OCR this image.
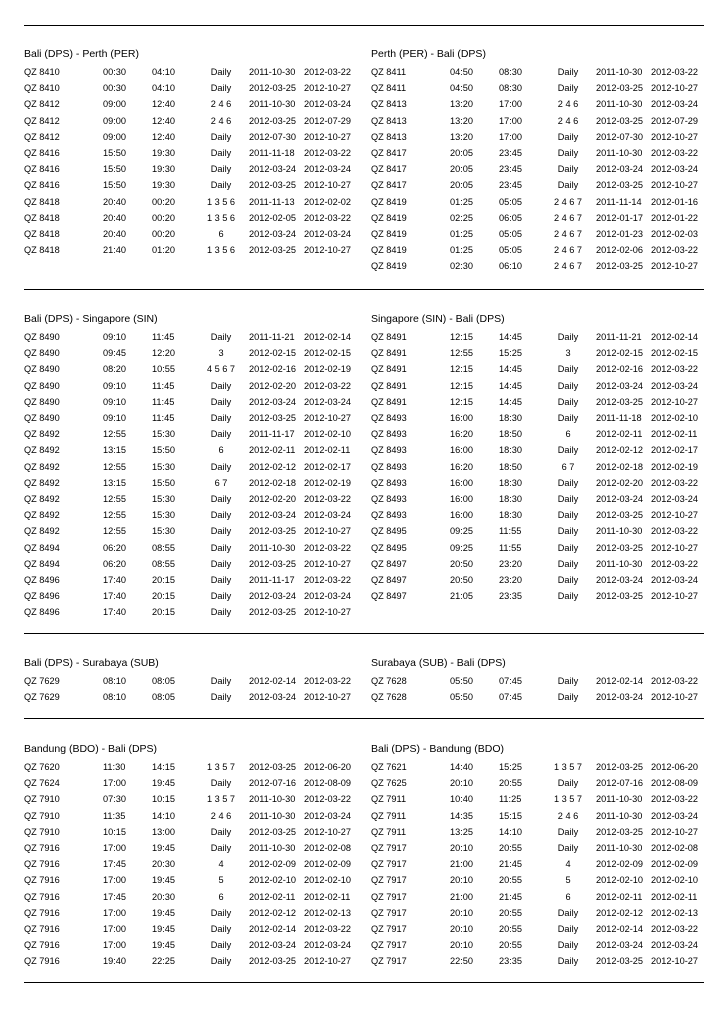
Bali (DPS) - Perth (PER)
QZ 8410	00:30	04:10	Daily	2011-10-30 2012-03-22
QZ 8410	00:30	04:10	Daily	2012-03-25 2012-10-27
QZ 8412	09:00	12:40	2 4 6	2011-10-30 2012-03-24
QZ 8412	09:00	12:40	2 4 6	2012-03-25 2012-07-29
QZ 8412	09:00	12:40	Daily	2012-07-30 2012-10-27
QZ 8416	15:50	19:30	Daily	2011-11-18 2012-03-22
QZ 8416	15:50	19:30	Daily	2012-03-24 2012-03-24
QZ 8416	15:50	19:30	Daily	2012-03-25 2012-10-27
QZ 8418	20:40	00:20	1 3 5 6	2011-11-13 2012-02-02
QZ 8418	20:40	00:20	1 3 5 6	2012-02-05 2012-03-22
QZ 8418	20:40	00:20	6	2012-03-24 2012-03-24
QZ 8418	21:40	01:20	1 3 5 6	2012-03-25 2012-10-27
Perth (PER) - Bali (DPS)
QZ 8411	04:50	08:30	Daily	2011-10-30 2012-03-22
QZ 8411	04:50	08:30	Daily	2012-03-25 2012-10-27
QZ 8413	13:20	17:00	2 4 6	2011-10-30 2012-03-24
QZ 8413	13:20	17:00	2 4 6	2012-03-25 2012-07-29
QZ 8413	13:20	17:00	Daily	2012-07-30 2012-10-27
QZ 8417	20:05	23:45	Daily	2011-10-30 2012-03-22
QZ 8417	20:05	23:45	Daily	2012-03-24 2012-03-24
QZ 8417	20:05	23:45	Daily	2012-03-25 2012-10-27
QZ 8419	01:25	05:05	2 4 6 7	2011-11-14 2012-01-16
QZ 8419	02:25	06:05	2 4 6 7	2012-01-17 2012-01-22
QZ 8419	01:25	05:05	2 4 6 7	2012-01-23 2012-02-03
QZ 8419	01:25	05:05	2 4 6 7	2012-02-06 2012-03-22
QZ 8419	02:30	06:10	2 4 6 7	2012-03-25 2012-10-27
Bali (DPS) - Singapore (SIN)
QZ 8490	09:10	11:45	Daily	2011-11-21 2012-02-14
QZ 8490	09:45	12:20	3	2012-02-15 2012-02-15
QZ 8490	08:20	10:55	4 5 6 7	2012-02-16 2012-02-19
QZ 8490	09:10	11:45	Daily	2012-02-20 2012-03-22
QZ 8490	09:10	11:45	Daily	2012-03-24 2012-03-24
QZ 8490	09:10	11:45	Daily	2012-03-25 2012-10-27
QZ 8492	12:55	15:30	Daily	2011-11-17 2012-02-10
QZ 8492	13:15	15:50	6	2012-02-11 2012-02-11
QZ 8492	12:55	15:30	Daily	2012-02-12 2012-02-17
QZ 8492	13:15	15:50	6 7	2012-02-18 2012-02-19
QZ 8492	12:55	15:30	Daily	2012-02-20 2012-03-22
QZ 8492	12:55	15:30	Daily	2012-03-24 2012-03-24
QZ 8492	12:55	15:30	Daily	2012-03-25 2012-10-27
QZ 8494	06:20	08:55	Daily	2011-10-30 2012-03-22
QZ 8494	06:20	08:55	Daily	2012-03-25 2012-10-27
QZ 8496	17:40	20:15	Daily	2011-11-17 2012-03-22
QZ 8496	17:40	20:15	Daily	2012-03-24 2012-03-24
QZ 8496	17:40	20:15	Daily	2012-03-25 2012-10-27
Singapore (SIN) - Bali (DPS)
QZ 8491	12:15	14:45	Daily	2011-11-21 2012-02-14
QZ 8491	12:55	15:25	3	2012-02-15 2012-02-15
QZ 8491	12:15	14:45	Daily	2012-02-16 2012-03-22
QZ 8491	12:15	14:45	Daily	2012-03-24 2012-03-24
QZ 8491	12:15	14:45	Daily	2012-03-25 2012-10-27
QZ 8493	16:00	18:30	Daily	2011-11-18 2012-02-10
QZ 8493	16:20	18:50	6	2012-02-11 2012-02-11
QZ 8493	16:00	18:30	Daily	2012-02-12 2012-02-17
QZ 8493	16:20	18:50	6 7	2012-02-18 2012-02-19
QZ 8493	16:00	18:30	Daily	2012-02-20 2012-03-22
QZ 8493	16:00	18:30	Daily	2012-03-24 2012-03-24
QZ 8493	16:00	18:30	Daily	2012-03-25 2012-10-27
QZ 8495	09:25	11:55	Daily	2011-10-30 2012-03-22
QZ 8495	09:25	11:55	Daily	2012-03-25 2012-10-27
QZ 8497	20:50	23:20	Daily	2011-10-30 2012-03-22
QZ 8497	20:50	23:20	Daily	2012-03-24 2012-03-24
QZ 8497	21:05	23:35	Daily	2012-03-25 2012-10-27
Bali (DPS) - Surabaya (SUB)
QZ 7629	08:10	08:05	Daily	2012-02-14 2012-03-22
QZ 7629	08:10	08:05	Daily	2012-03-24 2012-10-27
Surabaya (SUB) - Bali (DPS)
QZ 7628	05:50	07:45	Daily	2012-02-14 2012-03-22
QZ 7628	05:50	07:45	Daily	2012-03-24 2012-10-27
Bandung (BDO) - Bali (DPS)
QZ 7620	11:30	14:15	1 3 5 7	2012-03-25 2012-06-20
QZ 7624	17:00	19:45	Daily	2012-07-16 2012-08-09
QZ 7910	07:30	10:15	1 3 5 7	2011-10-30 2012-03-22
QZ 7910	11:35	14:10	2 4 6	2011-10-30 2012-03-24
QZ 7910	10:15	13:00	Daily	2012-03-25 2012-10-27
QZ 7916	17:00	19:45	Daily	2011-10-30 2012-02-08
QZ 7916	17:45	20:30	4	2012-02-09 2012-02-09
QZ 7916	17:00	19:45	5	2012-02-10 2012-02-10
QZ 7916	17:45	20:30	6	2012-02-11 2012-02-11
QZ 7916	17:00	19:45	Daily	2012-02-12 2012-02-13
QZ 7916	17:00	19:45	Daily	2012-02-14 2012-03-22
QZ 7916	17:00	19:45	Daily	2012-03-24 2012-03-24
QZ 7916	19:40	22:25	Daily	2012-03-25 2012-10-27
Bali (DPS) - Bandung (BDO)
QZ 7621	14:40	15:25	1 3 5 7	2012-03-25 2012-06-20
QZ 7625	20:10	20:55	Daily	2012-07-16 2012-08-09
QZ 7911	10:40	11:25	1 3 5 7	2011-10-30 2012-03-22
QZ 7911	14:35	15:15	2 4 6	2011-10-30 2012-03-24
QZ 7911	13:25	14:10	Daily	2012-03-25 2012-10-27
QZ 7917	20:10	20:55	Daily	2011-10-30 2012-02-08
QZ 7917	21:00	21:45	4	2012-02-09 2012-02-09
QZ 7917	20:10	20:55	5	2012-02-10 2012-02-10
QZ 7917	21:00	21:45	6	2012-02-11 2012-02-11
QZ 7917	20:10	20:55	Daily	2012-02-12 2012-02-13
QZ 7917	20:10	20:55	Daily	2012-02-14 2012-03-22
QZ 7917	20:10	20:55	Daily	2012-03-24 2012-03-24
QZ 7917	22:50	23:35	Daily	2012-03-25 2012-10-27
